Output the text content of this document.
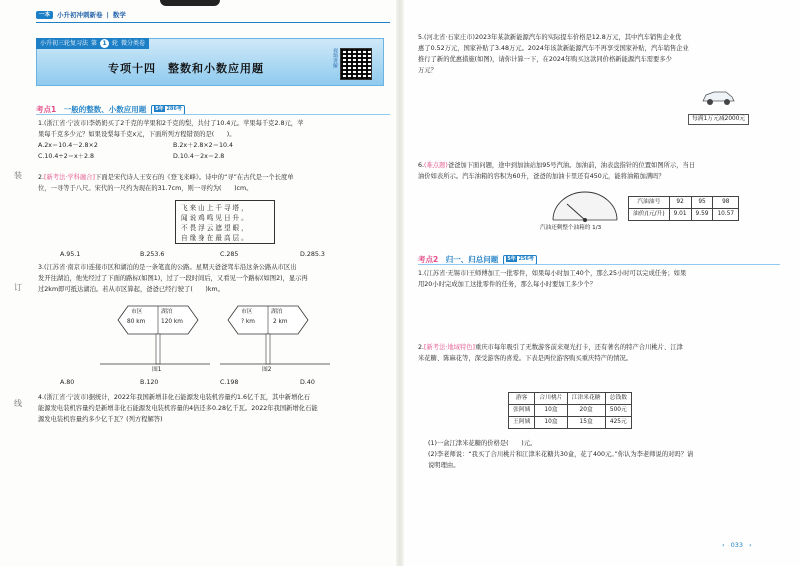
一本	小升初冲刺新卷 | 数学
小升初三轮复习法 第 1 轮 微分类卷
专项十四　整数和小数应用题
视频讲解
装
订
线
考点1　 一般的整数、小数应用题	5年 286考
1.(浙江省·宁波市)李奶奶买了2千克的苹果和2千克的梨，共付了10.4元。苹果每千克2.8元，苹
果每千克多少元？如果设梨每千克x元，下面所列方程错误的是(　　)。
A.2x＝10.4－2.8×2	B.2x＋2.8×2＝10.4
C.10.4÷2＝x＋2.8	D.10.4－2x＝2.8
2.[新考法·学科融合]下面是宋代诗人王安石的《登飞来峰》。诗中的“寻”在古代是一个长度单
位，一寻等于八尺。宋代的一尺约为现在的31.7cm，则一寻约为(　　)cm。
飞来山上千寻塔，
闻说鸡鸣见日升。
不畏浮云遮望眼，
自缘身在最高层。
A.95.1	B.253.6	C.285	D.285.3
3.(江苏省·南京市)连接市区和湖泊的是一条笔直的公路。星期天爸爸驾车沿这条公路从市区出
发开往湖泊，他先经过了下面的路标(如图1)，过了一段时间后，又看见一个路标(如图2)，显示再
过2km即可抵达湖泊。若从市区算起，爸爸已经行驶了(　　)km。
市区	湖泊
80 km	120 km
图1
市区	湖泊
? km	2 km
图2
A.80	B.120	C.198	D.40
4.(浙江省·宁波市)据统计，2022年我国新增非化石能源发电装机容量约1.6亿千瓦，其中新增化石
能源发电装机容量约是新增非化石能源发电装机容量的4倍还多0.28亿千瓦。2022年我国新增化石能
源发电装机容量约多少亿千瓦？(列方程解答)
5.(河北省·石家庄市)2023年某款新能源汽车的实际提车价格是12.8万元，其中汽车销售企业优
惠了0.52万元，国家补贴了3.48万元。2024年该款新能源汽车不再享受国家补贴，汽车销售企业
推行了新的优惠措施(如图)，请你计算一下，在2024年购买这款同价格新能源汽车需要多少
万元？
每满1万元减2000元
6.(难点题)爸爸加下面问题，途中到加油站加95号汽油。加油前，油表盘指针的位置如图所示，当日
油价如表所示。汽车油箱的容积为60升，爸爸的加油卡里还有450元，能将油箱加满吗？
汽油还剩整个油箱的 1/3
汽油油号	92	95	98
油价/(元/升)	9.01	9.59	10.57
考点2　 归一、归总问题	5年 256考
1.(江苏省·无锡市)王师傅加工一批零件，如果每小时加工40个，那么25小时可以完成任务；如果
用20小时完成加工这批零件的任务，那么每小时要加工多少个？
2.[新考法·地域特色]重庆市每年吸引了无数游客前来观光打卡，还有著名的特产合川桃片、江津
米花糖、陈麻花等，深受游客的喜爱。下表是两位游客购买重庆特产的情况。
游客	合川桃片	江津米花糖	总钱数
张阿姨	10盒	20盒	500元
王阿姨	10盒	15盒	425元
(1)一盒江津米花糖的价格是(　　)元。
(2)李老师说：“我买了合川桃片和江津米花糖共30盒，花了400元。”你认为李老师说的对吗？请
说明理由。
‹ 033 ›
